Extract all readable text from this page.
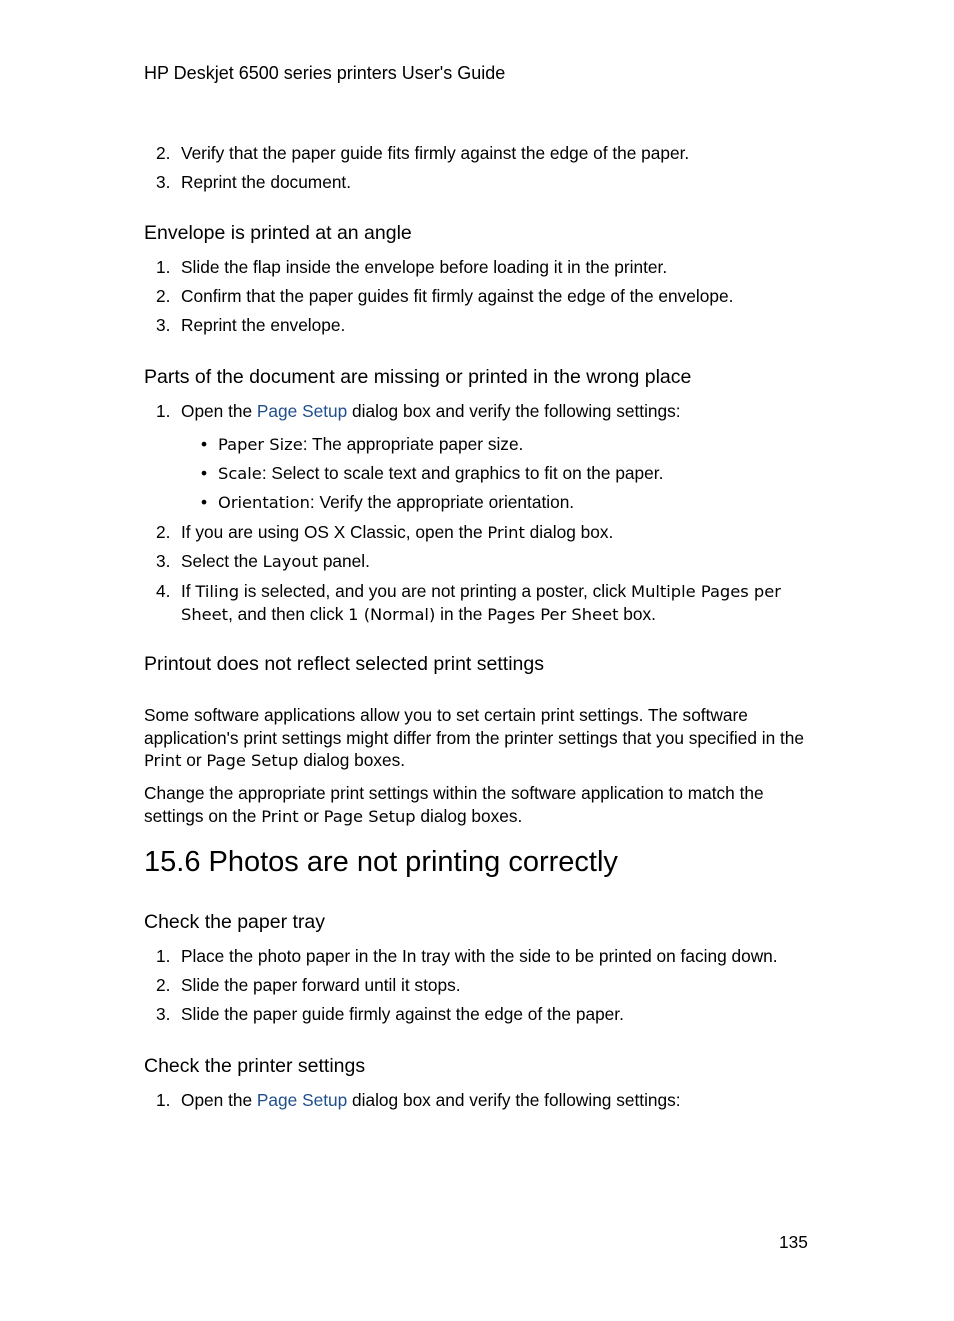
HP Deskjet 6500 series printers User's Guide

2. Verify that the paper guide fits firmly against the edge of the paper.
3. Reprint the document.
Envelope is printed at an angle
1. Slide the flap inside the envelope before loading it in the printer.
2. Confirm that the paper guides fit firmly against the edge of the envelope.
3. Reprint the envelope.
Parts of the document are missing or printed in the wrong place
1. Open the Page Setup dialog box and verify the following settings:
• Paper Size: The appropriate paper size.
• Scale: Select to scale text and graphics to fit on the paper.
• Orientation: Verify the appropriate orientation.
2. If you are using OS X Classic, open the Print dialog box.
3. Select the Layout panel.
4. If Tiling is selected, and you are not printing a poster, click Multiple Pages per Sheet, and then click 1 (Normal) in the Pages Per Sheet box.
Printout does not reflect selected print settings

Some software applications allow you to set certain print settings. The software application's print settings might differ from the printer settings that you specified in the Print or Page Setup dialog boxes.

Change the appropriate print settings within the software application to match the settings on the Print or Page Setup dialog boxes.

15.6 Photos are not printing correctly
Check the paper tray
1. Place the photo paper in the In tray with the side to be printed on facing down.
2. Slide the paper forward until it stops.
3. Slide the paper guide firmly against the edge of the paper.
Check the printer settings
1. Open the Page Setup dialog box and verify the following settings:
135
